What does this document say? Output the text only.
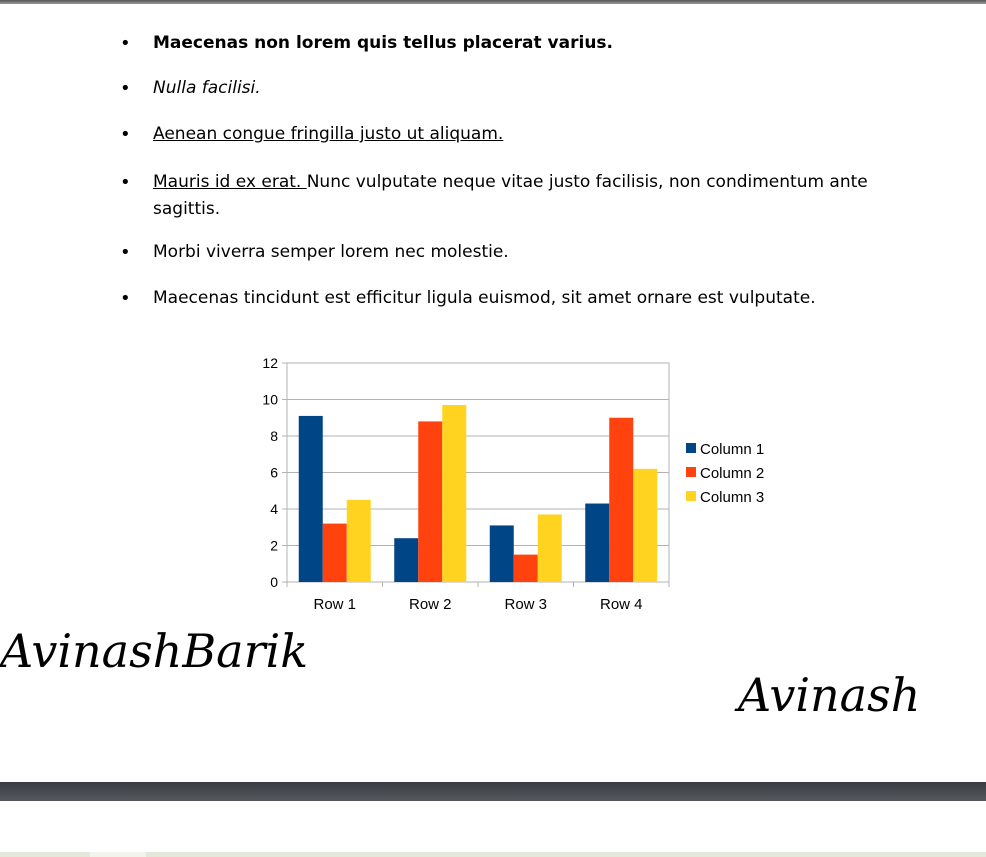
• Maecenas non lorem quis tellus placerat varius.
• Nulla facilisi.
• Aenean congue fringilla justo ut aliquam.
• Mauris id ex erat. Nunc vulputate neque vitae justo facilisis, non condimentum ante sagittis.
• Morbi viverra semper lorem nec molestie.
• Maecenas tincidunt est efficitur ligula euismod, sit amet ornare est vulputate.
0
2
4
6
8
10
12
Row 1	Row 2	Row 3	Row 4
Column 1
Column 2
Column 3
AvinashBarik
Avinash
